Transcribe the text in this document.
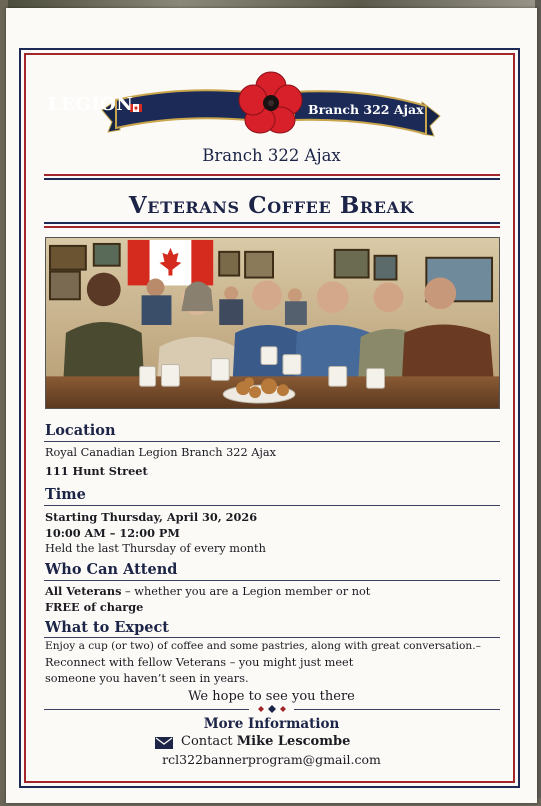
LEGION	Branch 322 Ajax
Branch 322 Ajax
Veterans Coffee Break
Location
Royal Canadian Legion Branch 322 Ajax
111 Hunt Street
Time
Starting Thursday, April 30, 2026
10:00 AM – 12:00 PM
Held the last Thursday of every month
Who Can Attend
All Veterans – whether you are a Legion member or not
FREE of charge
What to Expect
Enjoy a cup (or two) of coffee and some pastries, along with great conversation.–
Reconnect with fellow Veterans – you might just meet
someone you haven’t seen in years.
We hope to see you there
More Information
Contact Mike Lescombe
rcl322bannerprogram@gmail.com
